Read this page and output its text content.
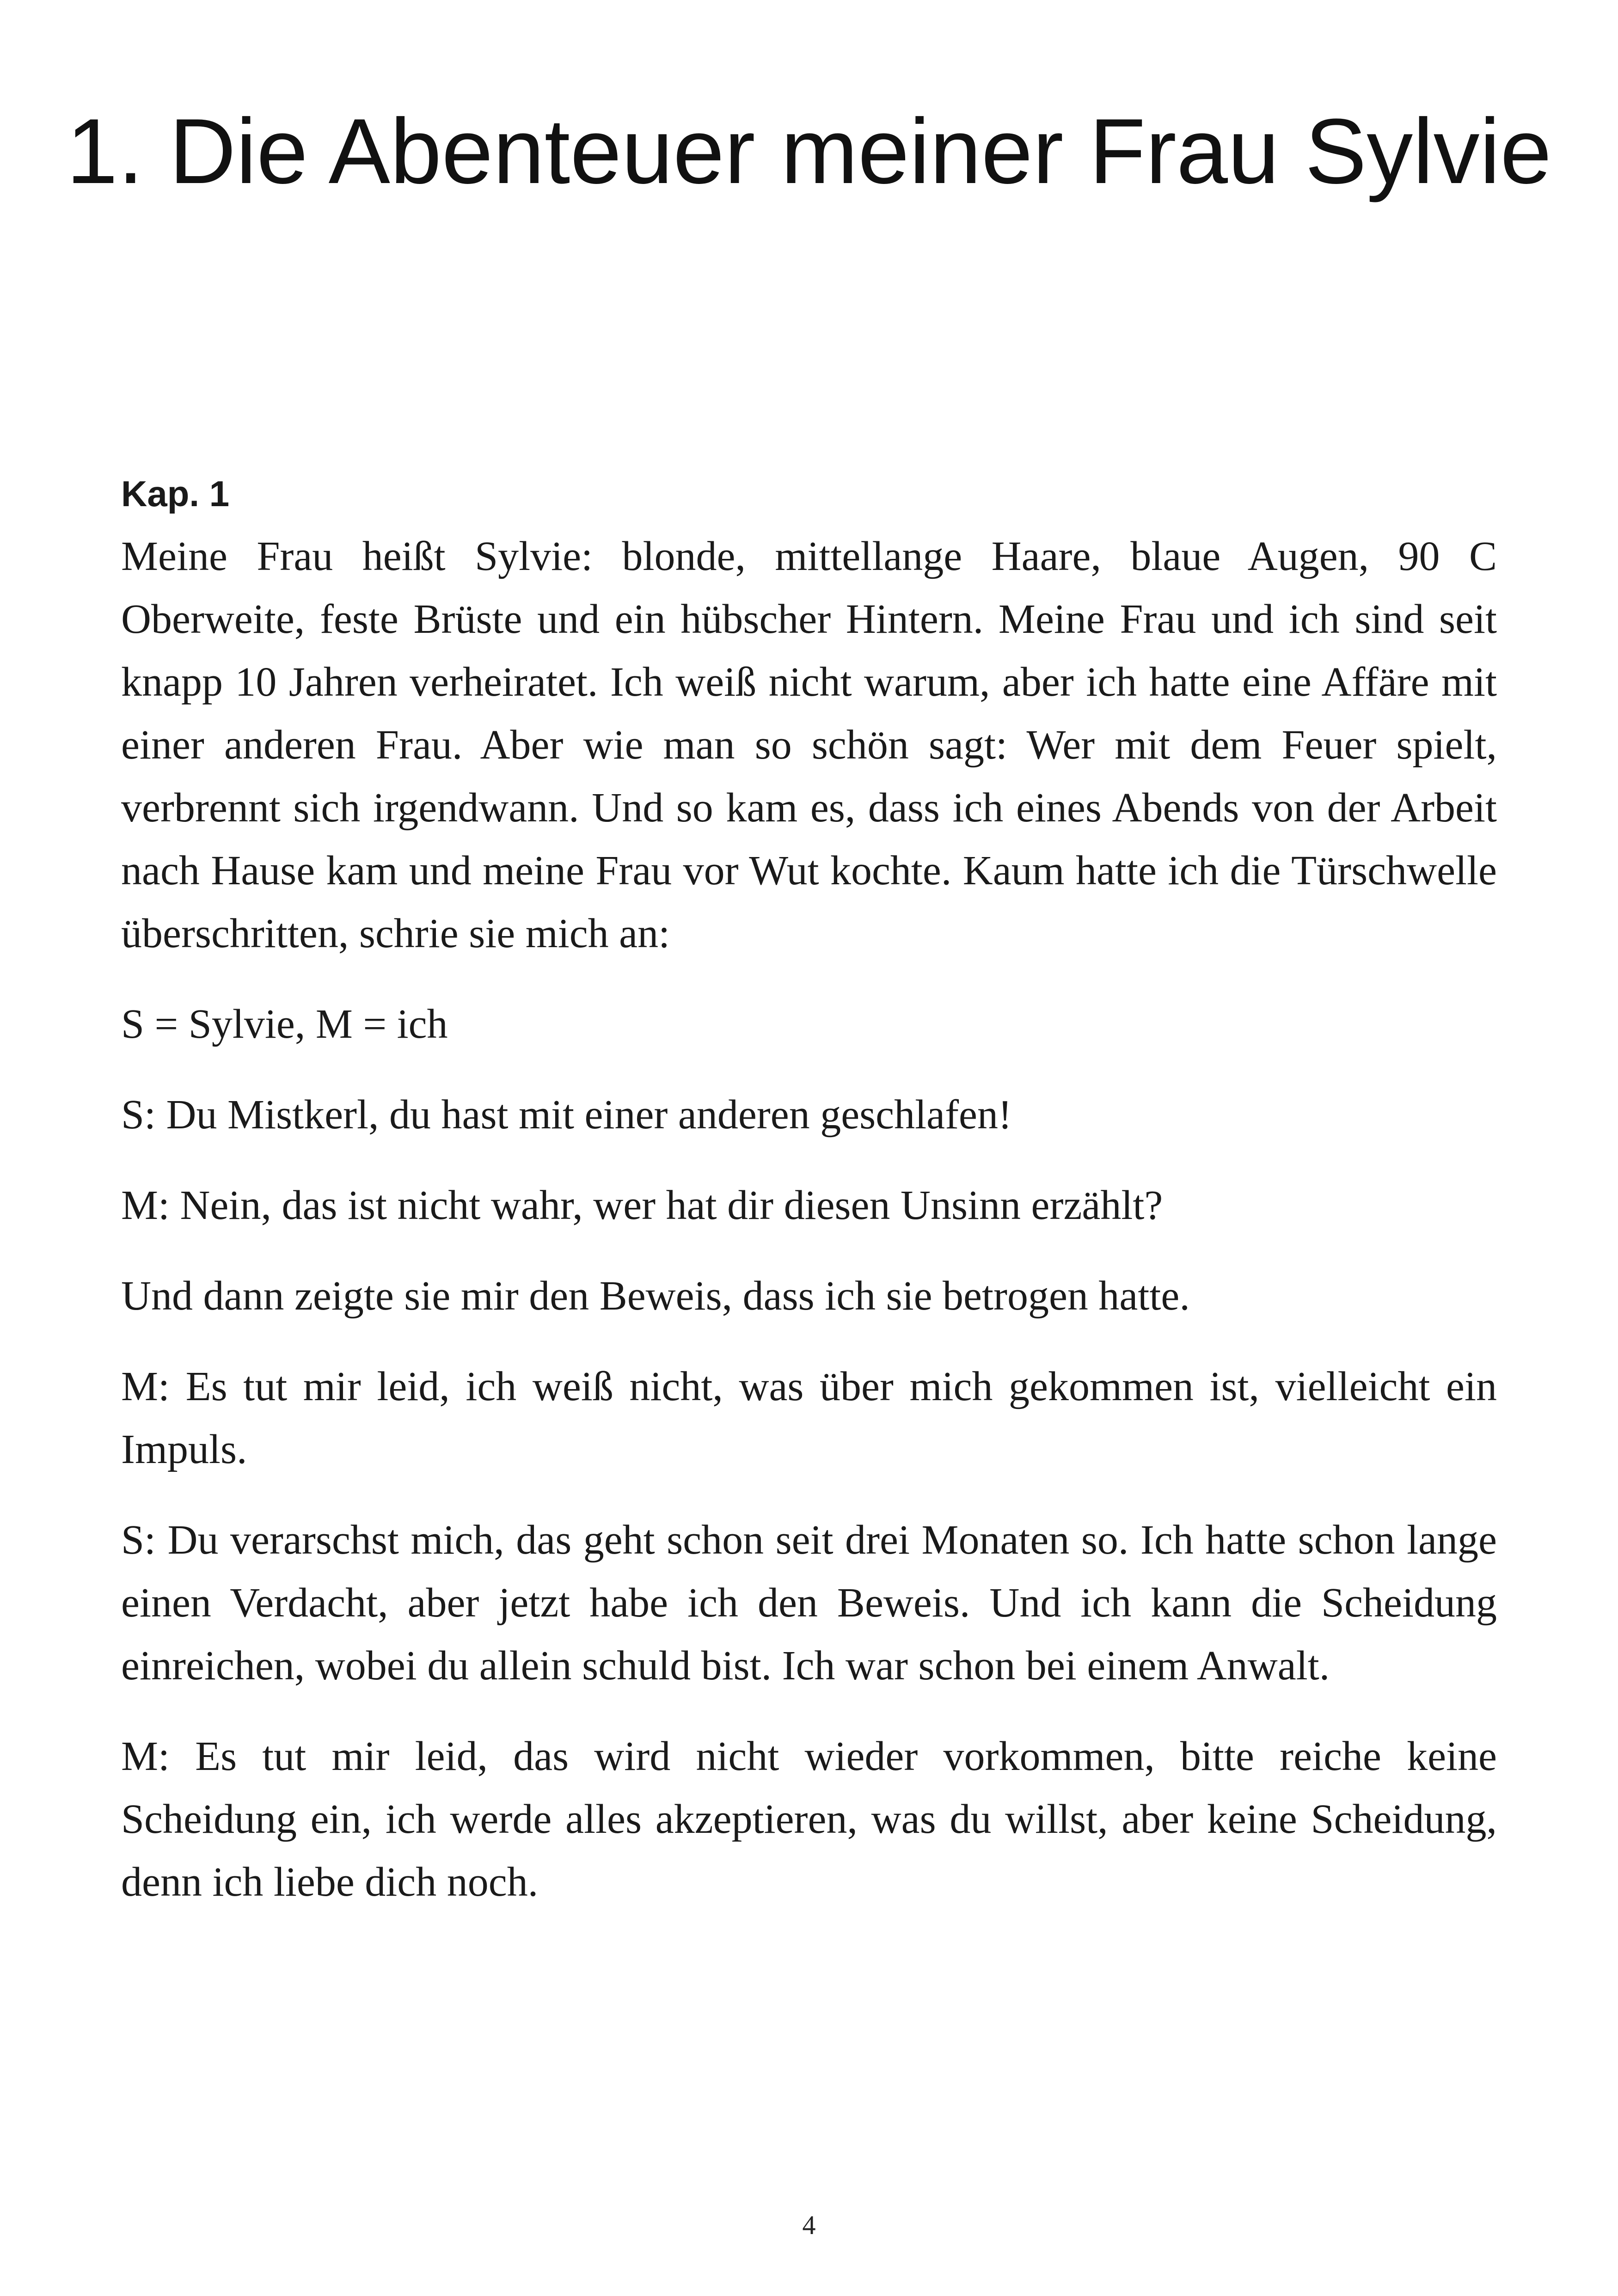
1. Die Abenteuer meiner Frau Sylvie
Kap. 1

Meine Frau heißt Sylvie: blonde, mittellange Haare, blaue Augen, 90 C Oberweite, feste Brüste und ein hübscher Hintern. Meine Frau und ich sind seit knapp 10 Jahren verheiratet. Ich weiß nicht warum, aber ich hatte eine Affäre mit einer anderen Frau. Aber wie man so schön sagt: Wer mit dem Feuer spielt, verbrennt sich irgendwann. Und so kam es, dass ich eines Abends von der Arbeit nach Hause kam und meine Frau vor Wut kochte. Kaum hatte ich die Türschwelle überschritten, schrie sie mich an:

S = Sylvie, M = ich

S: Du Mistkerl, du hast mit einer anderen geschlafen!

M: Nein, das ist nicht wahr, wer hat dir diesen Unsinn erzählt?

Und dann zeigte sie mir den Beweis, dass ich sie betrogen hatte.

M: Es tut mir leid, ich weiß nicht, was über mich gekommen ist, vielleicht ein Impuls.

S: Du verarschst mich, das geht schon seit drei Monaten so. Ich hatte schon lange einen Verdacht, aber jetzt habe ich den Beweis. Und ich kann die Scheidung einreichen, wobei du allein schuld bist. Ich war schon bei einem Anwalt.

M: Es tut mir leid, das wird nicht wieder vorkommen, bitte reiche keine Scheidung ein, ich werde alles akzeptieren, was du willst, aber keine Scheidung, denn ich liebe dich noch.

4
